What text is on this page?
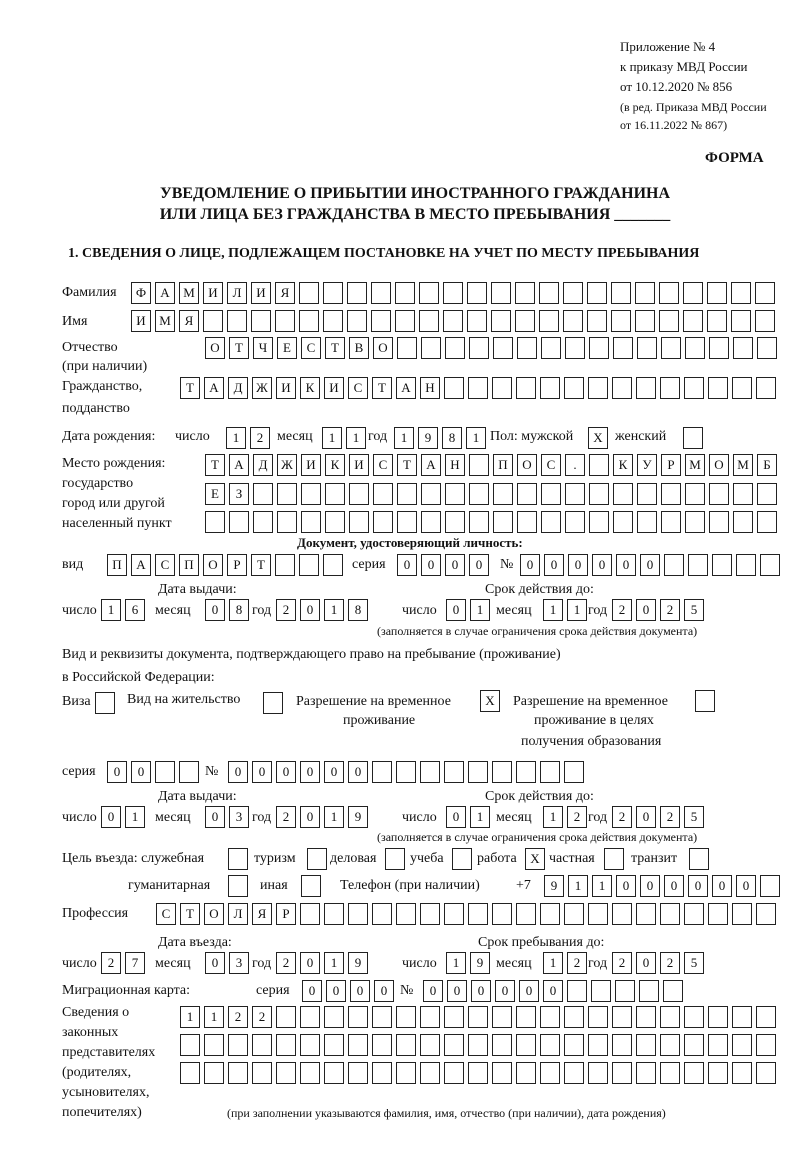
Приложение № 4
к приказу МВД России
от 10.12.2020 № 856
(в ред. Приказа МВД России
от 16.11.2022 № 867)
ФОРМА
УВЕДОМЛЕНИЕ О ПРИБЫТИИ ИНОСТРАННОГО ГРАЖДАНИНА
ИЛИ ЛИЦА БЕЗ ГРАЖДАНСТВА В МЕСТО ПРЕБЫВАНИЯ _______
1. СВЕДЕНИЯ О ЛИЦЕ, ПОДЛЕЖАЩЕМ ПОСТАНОВКЕ НА УЧЕТ ПО МЕСТУ ПРЕБЫВАНИЯ
Фамилия	Ф	А	М	И	Л	И	Я
Имя	И	М	Я
Отчество
(при наличии)
О	Т	Ч	Е	С	Т	В	О
Гражданство,
подданство
Т	А	Д	Ж	И	К	И	С	Т	А	Н
Дата рождения: число	1	2 месяц	1	1 год	1	9	8	1 Пол: мужской	X женский
Место рождения:
государство
город или другой
населенный пункт
Т	А	Д	Ж	И	К	И	С	Т	А	Н	П	О	С	.	К	У	Р	М	О	М	Б
Е	З
Документ, удостоверяющий личность:
вид	П	А	С	П	О	Р	Т	серия	0	0	0	0	№	0	0	0	0	0	0
Дата выдачи:	Срок действия до:
число 1	6	месяц	0	8 год 2	0	1	8	число	0	1 месяц	1	1 год 2	0	2	5
(заполняется в случае ограничения срока действия документа)
Вид и реквизиты документа, подтверждающего право на пребывание (проживание)
в Российской Федерации:
Виза	Вид на жительство	Разрешение на временное
проживание
X	Разрешение на временное
проживание в целях
получения образования
серия	0	0	№	0	0	0	0	0	0
Дата выдачи:	Срок действия до:
число 0	1	месяц	0	3 год 2	0	1	9	число	0	1 месяц	1	2 год 2	0	2	5
(заполняется в случае ограничения срока действия документа)
Цель въезда: служебная	туризм деловая учеба работа	X частная	транзит
гуманитарная	иная	Телефон (при наличии)	+7	9	1	1	0	0	0	0	0	0
Профессия	С	Т	О	Л	Я	Р
Дата въезда:	Срок пребывания до:
число 2	7	месяц	0	3 год 2	0	1	9	число	1	9 месяц	1	2 год 2	0	2	5
Миграционная карта:	серия	0	0	0	0 №	0	0	0	0	0	0
Сведения о
законных
представителях
(родителях,
усыновителях,
попечителях)
1	1	2	2
(при заполнении указываются фамилия, имя, отчество (при наличии), дата рождения)
